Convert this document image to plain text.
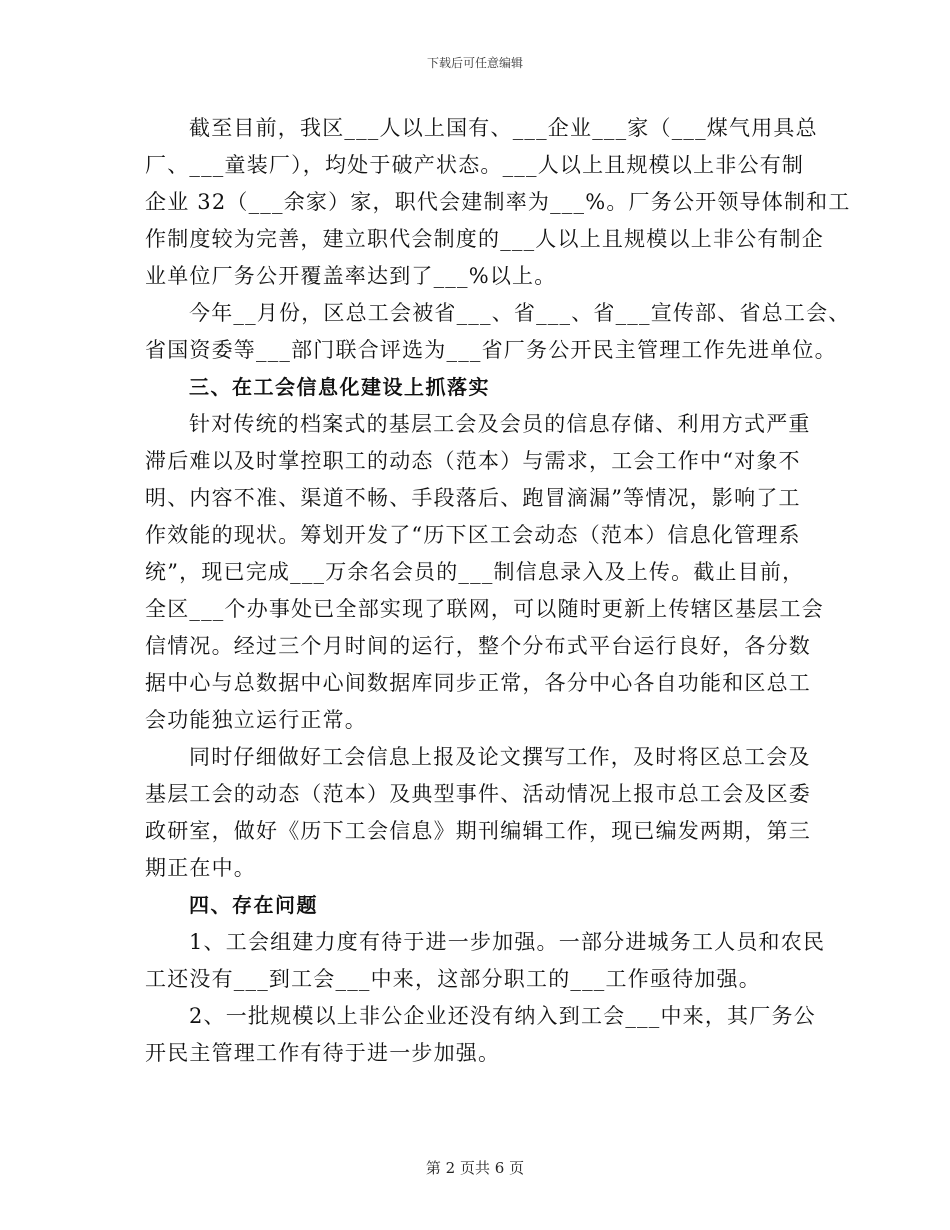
下载后可任意编辑
截至目前，我区___人以上国有、___企业___家（___煤气用具总
厂、___童装厂），均处于破产状态。___人以上且规模以上非公有制
企业 32（___余家）家，职代会建制率为___%。厂务公开领导体制和工
作制度较为完善，建立职代会制度的___人以上且规模以上非公有制企
业单位厂务公开覆盖率达到了___%以上。
今年__月份，区总工会被省___、省___、省___宣传部、省总工会、
省国资委等___部门联合评选为___省厂务公开民主管理工作先进单位。
三、在工会信息化建设上抓落实
针对传统的档案式的基层工会及会员的信息存储、利用方式严重
滞后难以及时掌控职工的动态（范本）与需求，工会工作中“对象不
明、内容不准、渠道不畅、手段落后、跑冒滴漏”等情况，影响了工
作效能的现状。筹划开发了“历下区工会动态（范本）信息化管理系
统”，现已完成___万余名会员的___制信息录入及上传。截止目前，
全区___个办事处已全部实现了联网，可以随时更新上传辖区基层工会
信情况。经过三个月时间的运行，整个分布式平台运行良好，各分数
据中心与总数据中心间数据库同步正常，各分中心各自功能和区总工
会功能独立运行正常。
同时仔细做好工会信息上报及论文撰写工作，及时将区总工会及
基层工会的动态（范本）及典型事件、活动情况上报市总工会及区委
政研室，做好《历下工会信息》期刊编辑工作，现已编发两期，第三
期正在中。
四、存在问题
1、工会组建力度有待于进一步加强。一部分进城务工人员和农民
工还没有___到工会___中来，这部分职工的___工作亟待加强。
2、一批规模以上非公企业还没有纳入到工会___中来，其厂务公
开民主管理工作有待于进一步加强。
第 2 页共 6 页
